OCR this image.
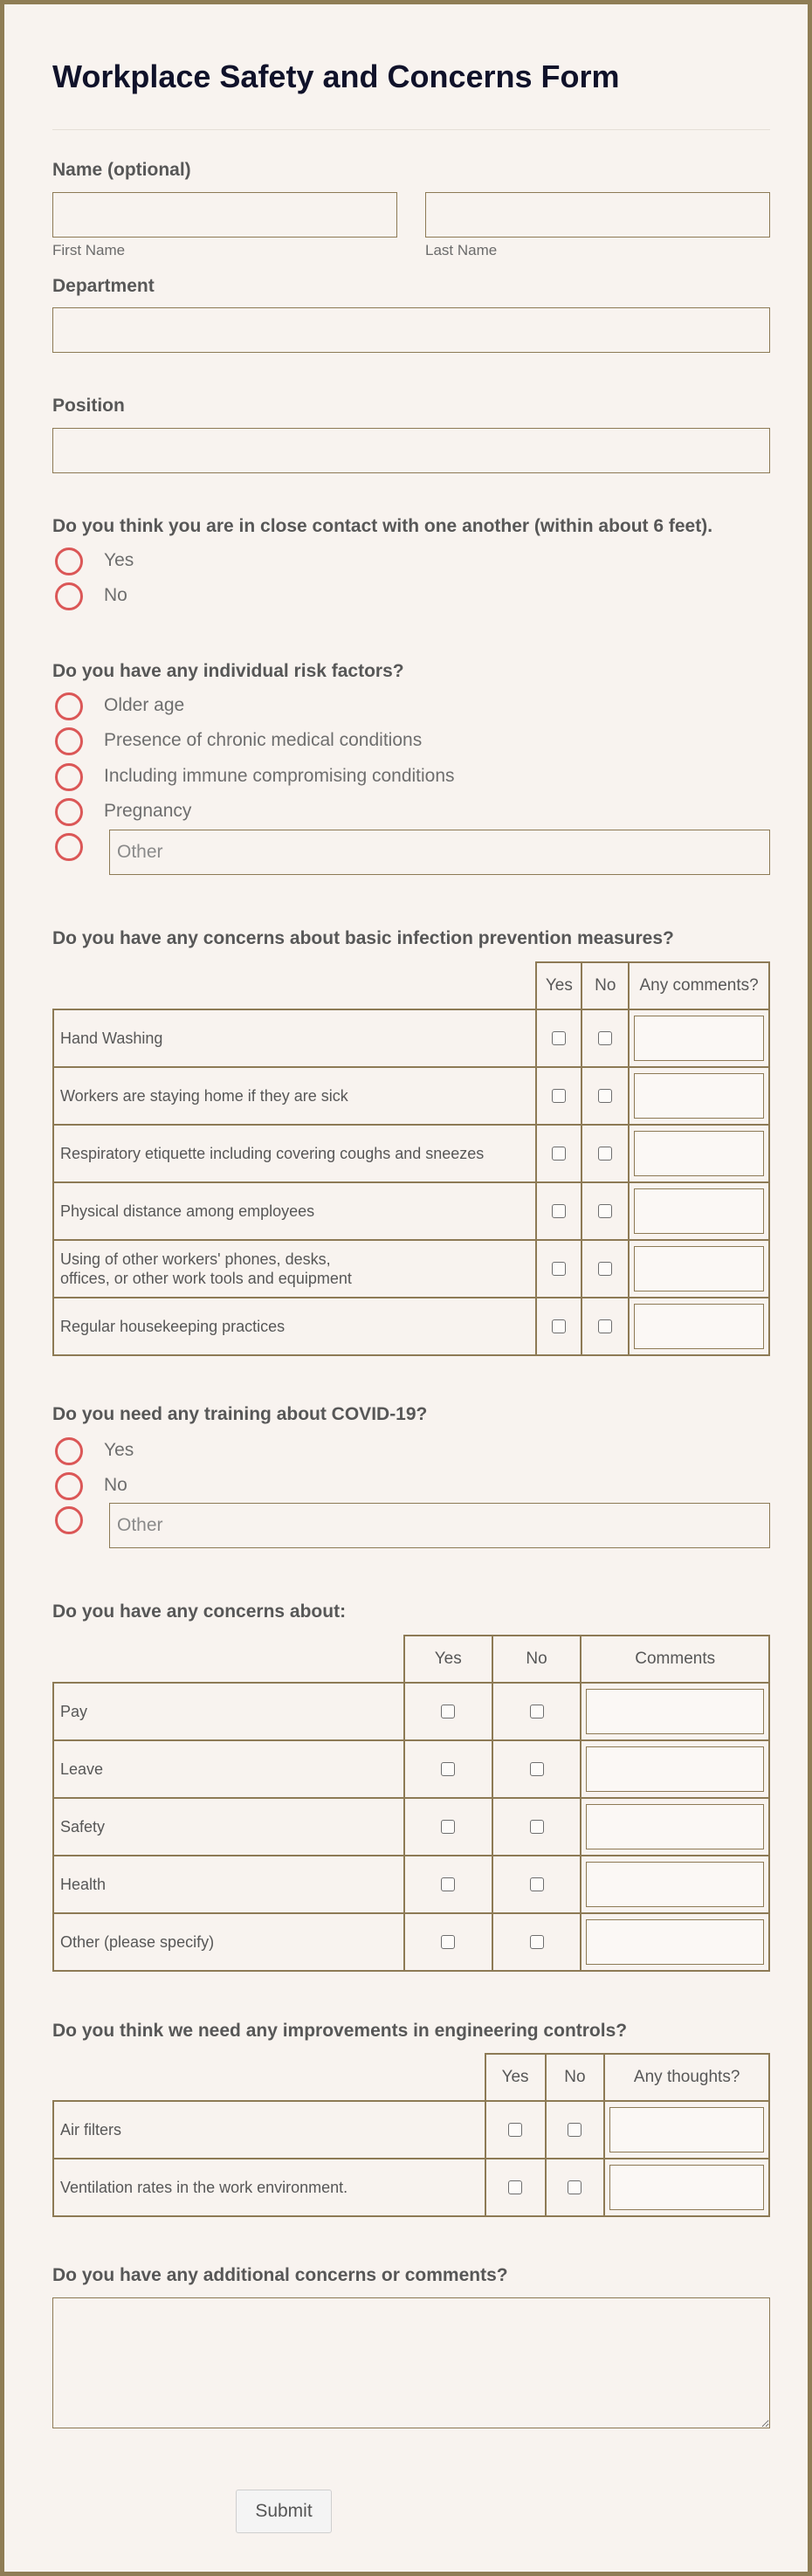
Workplace Safety and Concerns Form
Name (optional)
First Name	Last Name
Department
Position
Do you think you are in close contact with one another (within about 6 feet).
Yes
No
Do you have any individual risk factors?
Older age
Presence of chronic medical conditions
Including immune compromising conditions
Pregnancy
Other
Do you have any concerns about basic infection prevention measures?
	Yes	No	Any comments?
Hand Washing			

Workers are staying home if they are sick			

Respiratory etiquette including covering coughs and sneezes			

Physical distance among employees			

Using of other workers' phones, desks,
offices, or other work tools and equipment			

Regular housekeeping practices			
Do you need any training about COVID-19?
Yes
No
Other
Do you have any concerns about:
	Yes	No	Comments
Pay			

Leave			

Safety			

Health			

Other (please specify)			
Do you think we need any improvements in engineering controls?
	Yes	No	Any thoughts?
Air filters			

Ventilation rates in the work environment.			
Do you have any additional concerns or comments?
Submit
